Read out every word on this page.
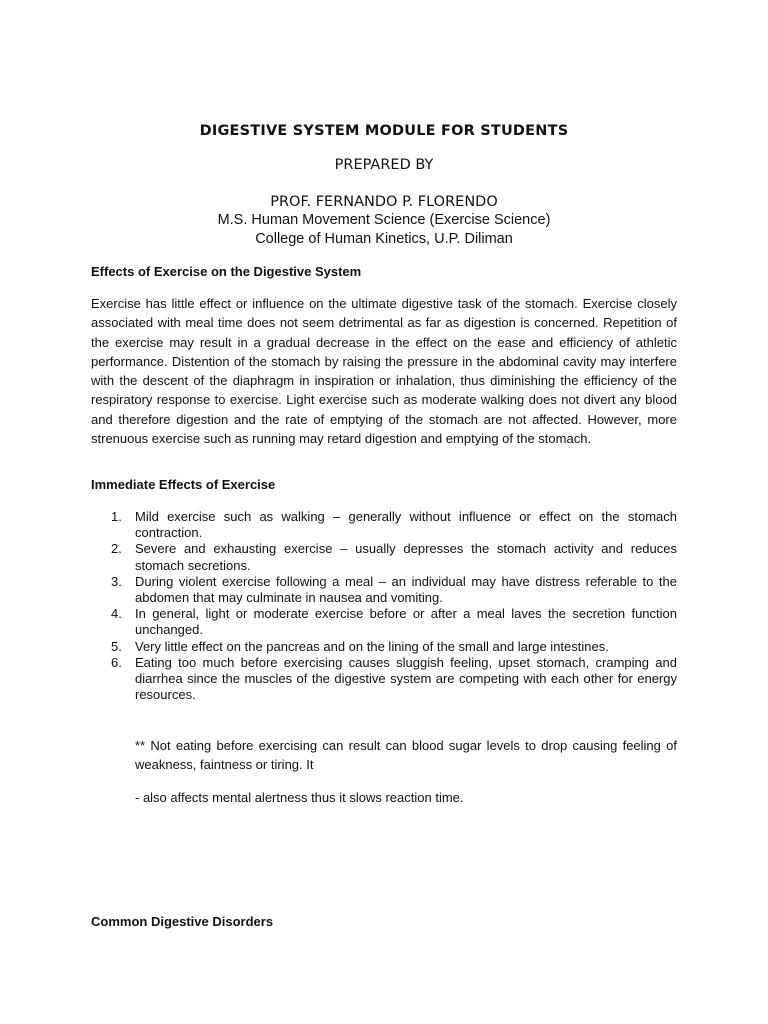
DIGESTIVE SYSTEM MODULE FOR STUDENTS
PREPARED BY
PROF. FERNANDO P. FLORENDO
M.S. Human Movement Science (Exercise Science)
College of Human Kinetics, U.P. Diliman
Effects of Exercise on the Digestive System

Exercise has little effect or influence on the ultimate digestive task of the stomach. Exercise closely associated with meal time does not seem detrimental as far as digestion is concerned. Repetition of the exercise may result in a gradual decrease in the effect on the ease and efficiency of athletic performance. Distention of the stomach by raising the pressure in the abdominal cavity may interfere with the descent of the diaphragm in inspiration or inhalation, thus diminishing the efficiency of the respiratory response to exercise. Light exercise such as moderate walking does not divert any blood and therefore digestion and the rate of emptying of the stomach are not affected. However, more strenuous exercise such as running may retard digestion and emptying of the stomach.

Immediate Effects of Exercise
1. Mild exercise such as walking – generally without influence or effect on the stomach contraction.
2. Severe and exhausting exercise – usually depresses the stomach activity and reduces stomach secretions.
3. During violent exercise following a meal – an individual may have distress referable to the abdomen that may culminate in nausea and vomiting.
4. In general, light or moderate exercise before or after a meal laves the secretion function unchanged.
5. Very little effect on the pancreas and on the lining of the small and large intestines.
6. Eating too much before exercising causes sluggish feeling, upset stomach, cramping and diarrhea since the muscles of the digestive system are competing with each other for energy resources.

** Not eating before exercising can result can blood sugar levels to drop causing feeling of weakness, faintness or tiring. It

- also affects mental alertness thus it slows reaction time.

Common Digestive Disorders
